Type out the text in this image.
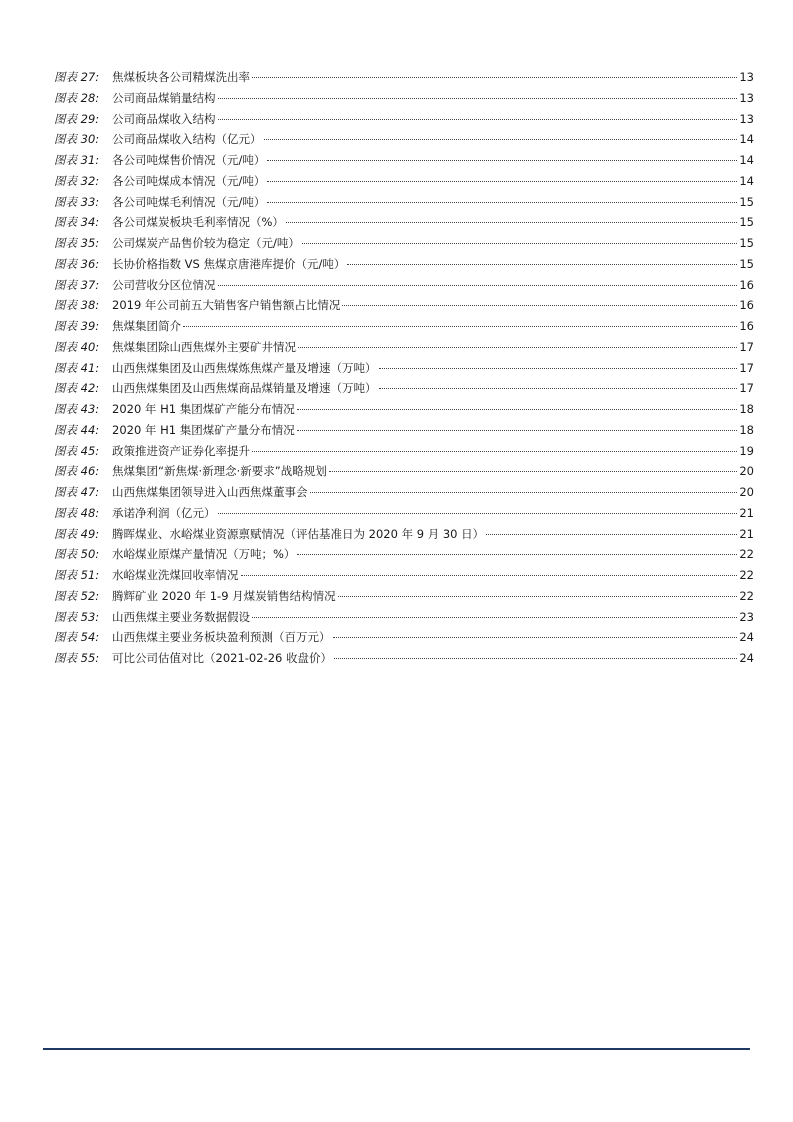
图表 27:	焦煤板块各公司精煤洗出率	13
图表 28:	公司商品煤销量结构	13
图表 29:	公司商品煤收入结构	13
图表 30:	公司商品煤收入结构（亿元）	14
图表 31:	各公司吨煤售价情况（元/吨）	14
图表 32:	各公司吨煤成本情况（元/吨）	14
图表 33:	各公司吨煤毛利情况（元/吨）	15
图表 34:	各公司煤炭板块毛利率情况（%）	15
图表 35:	公司煤炭产品售价较为稳定（元/吨）	15
图表 36:	长协价格指数 VS 焦煤京唐港库提价（元/吨）	15
图表 37:	公司营收分区位情况	16
图表 38:	2019 年公司前五大销售客户销售额占比情况	16
图表 39:	焦煤集团简介	16
图表 40:	焦煤集团除山西焦煤外主要矿井情况	17
图表 41:	山西焦煤集团及山西焦煤炼焦煤产量及增速（万吨）	17
图表 42:	山西焦煤集团及山西焦煤商品煤销量及增速（万吨）	17
图表 43:	2020 年 H1 集团煤矿产能分布情况	18
图表 44:	2020 年 H1 集团煤矿产量分布情况	18
图表 45:	政策推进资产证券化率提升	19
图表 46:	焦煤集团“新焦煤·新理念·新要求”战略规划	20
图表 47:	山西焦煤集团领导进入山西焦煤董事会	20
图表 48:	承诺净利润（亿元）	21
图表 49:	腾晖煤业、水峪煤业资源禀赋情况（评估基准日为 2020 年 9 月 30 日）	21
图表 50:	水峪煤业原煤产量情况（万吨；%）	22
图表 51:	水峪煤业洗煤回收率情况	22
图表 52:	腾辉矿业 2020 年 1-9 月煤炭销售结构情况	22
图表 53:	山西焦煤主要业务数据假设	23
图表 54:	山西焦煤主要业务板块盈利预测（百万元）	24
图表 55:	可比公司估值对比（2021-02-26 收盘价）	24
